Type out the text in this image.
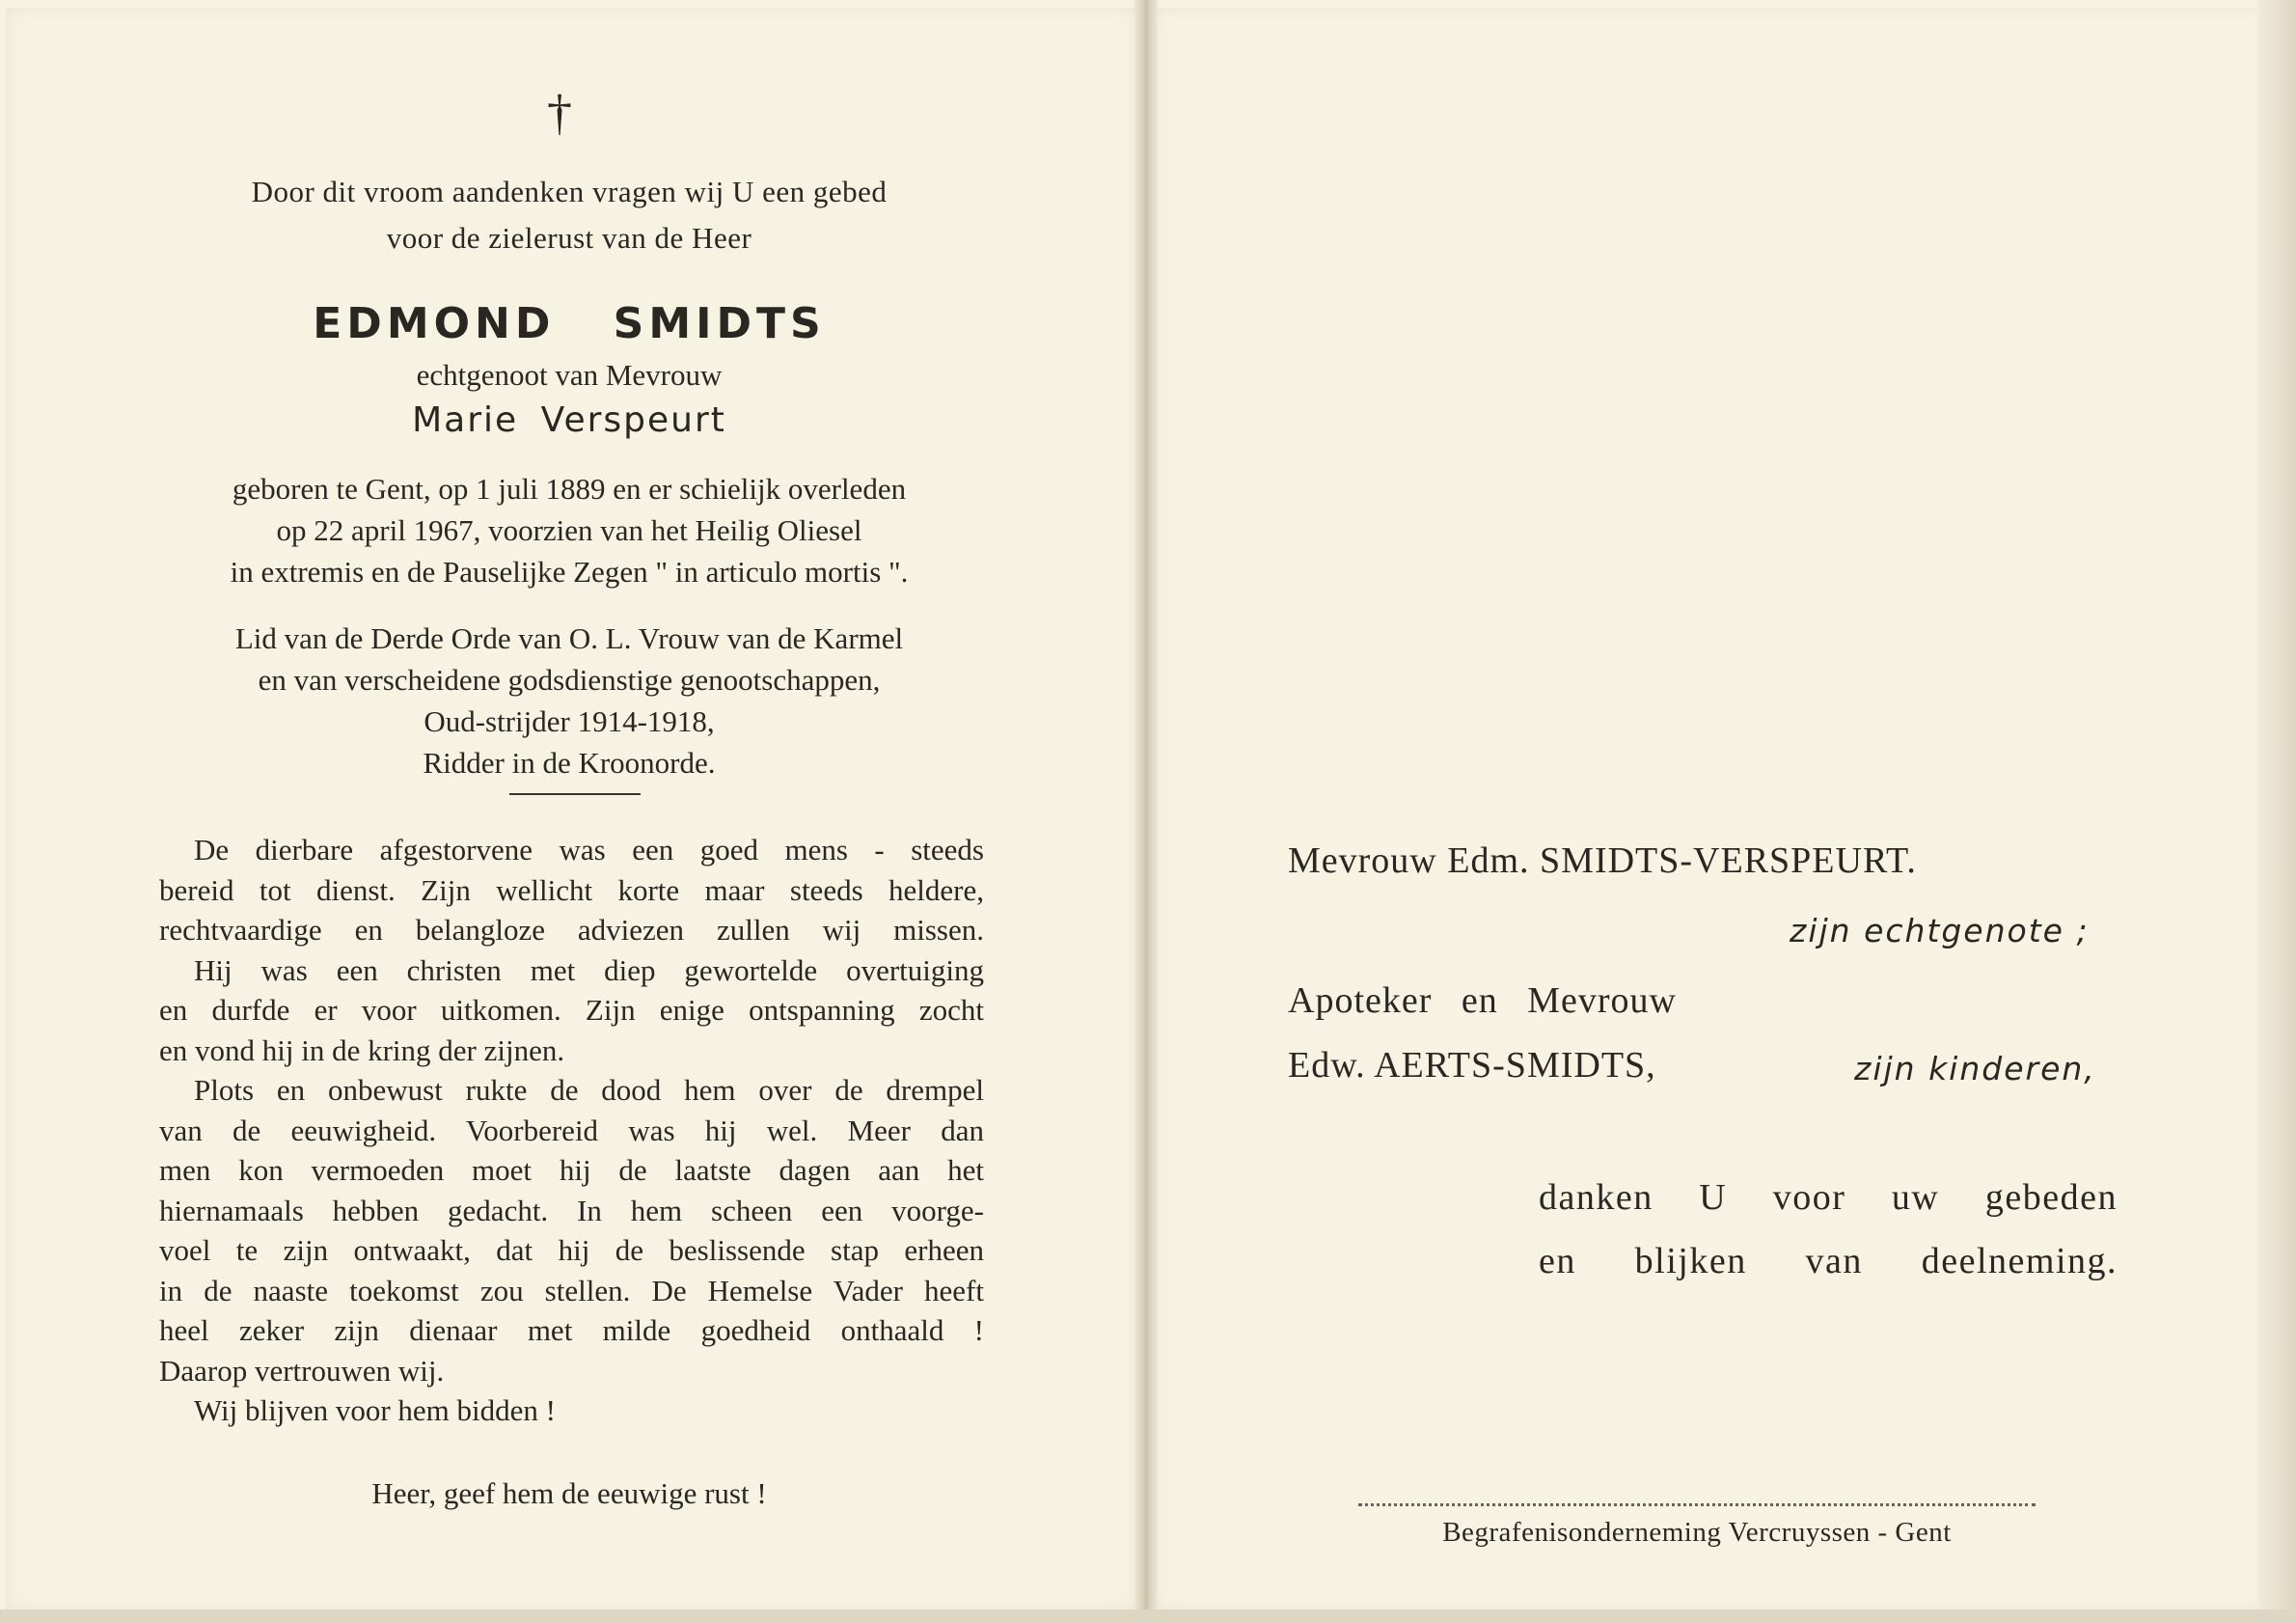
†
Door dit vroom aandenken vragen wij U een gebed
voor de zielerust van de Heer
EDMOND SMIDTS
echtgenoot van Mevrouw
Marie Verspeurt
geboren te Gent, op 1 juli 1889 en er schielijk overleden
op 22 april 1967, voorzien van het Heilig Oliesel
in extremis en de Pauselijke Zegen " in articulo mortis ".
Lid van de Derde Orde van O. L. Vrouw van de Karmel
en van verscheidene godsdienstige genootschappen,
Oud-strijder 1914-1918,
Ridder in de Kroonorde.
De dierbare afgestorvene was een goed mens - steeds
bereid tot dienst. Zijn wellicht korte maar steeds heldere,
rechtvaardige en belangloze adviezen zullen wij missen.
Hij was een christen met diep gewortelde overtuiging
en durfde er voor uitkomen. Zijn enige ontspanning zocht
en vond hij in de kring der zijnen.
Plots en onbewust rukte de dood hem over de drempel
van de eeuwigheid. Voorbereid was hij wel. Meer dan
men kon vermoeden moet hij de laatste dagen aan het
hiernamaals hebben gedacht. In hem scheen een voorge-
voel te zijn ontwaakt, dat hij de beslissende stap erheen
in de naaste toekomst zou stellen. De Hemelse Vader heeft
heel zeker zijn dienaar met milde goedheid onthaald !
Daarop vertrouwen wij.
Wij blijven voor hem bidden !
Heer, geef hem de eeuwige rust !
Mevrouw Edm. SMIDTS-VERSPEURT.
zijn echtgenote ;
Apoteker en Mevrouw
Edw. AERTS-SMIDTS,	zijn kinderen,
danken U voor uw gebeden
en blijken van deelneming.
Begrafenisonderneming Vercruyssen - Gent
